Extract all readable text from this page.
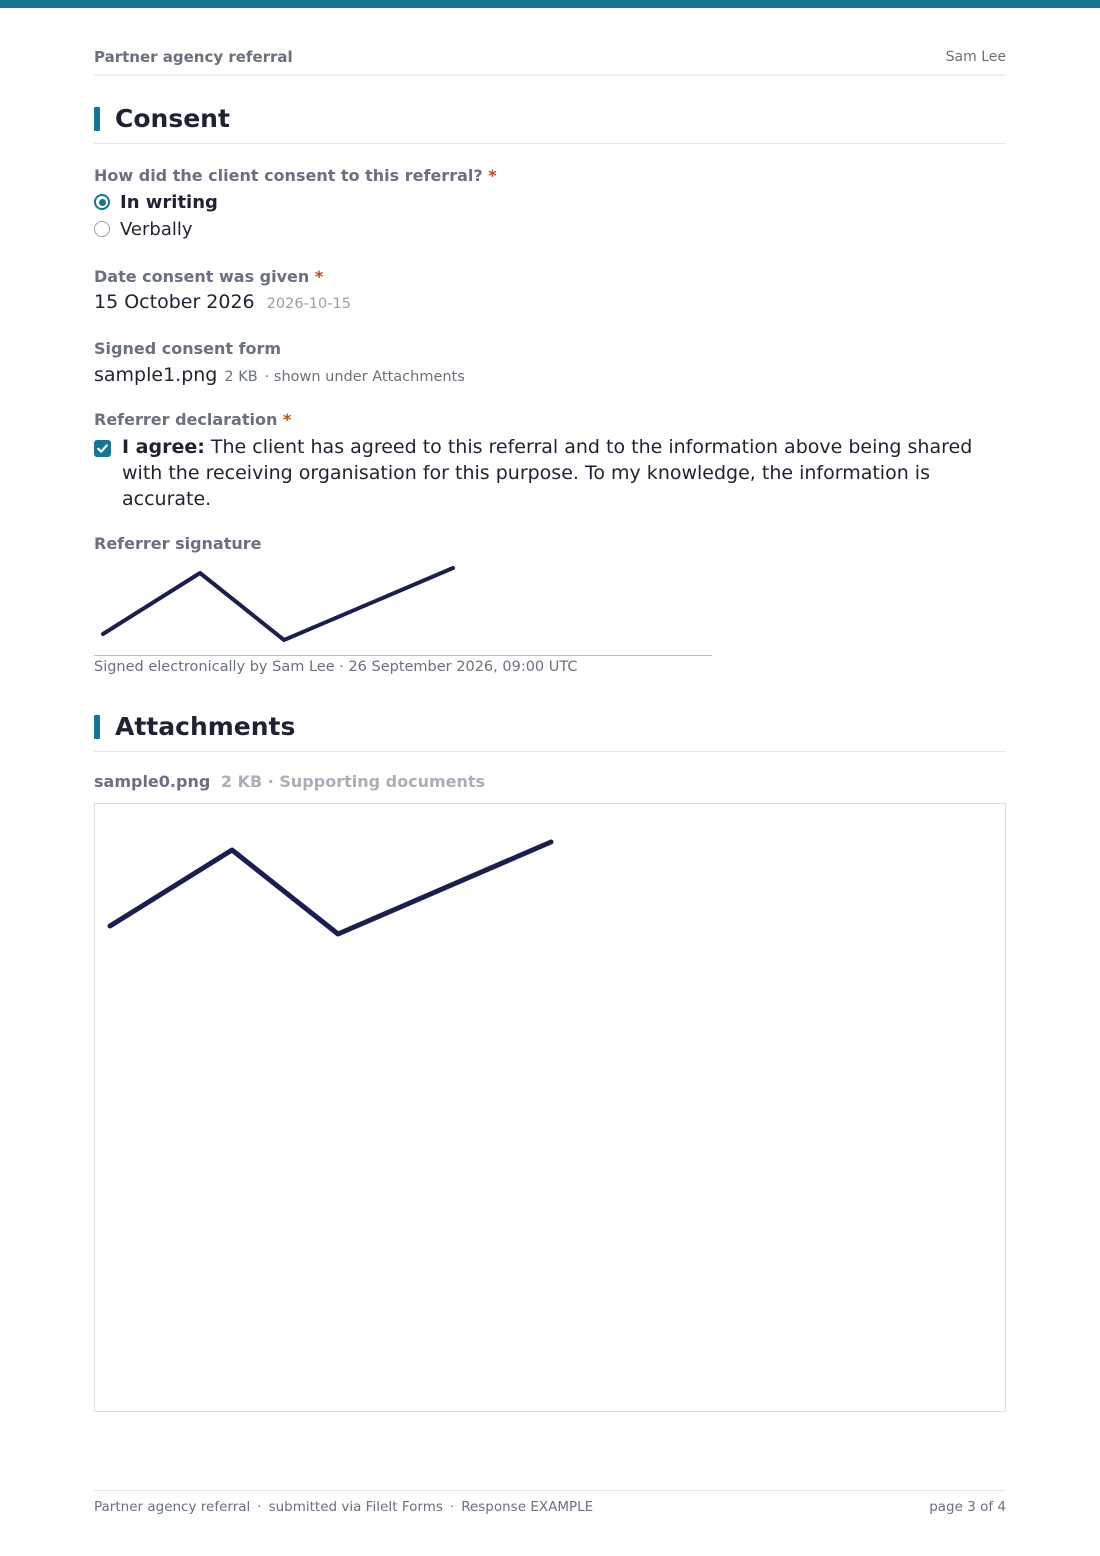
Partner agency referral	Sam Lee
Consent
How did the client consent to this referral? *
In writing
Verbally
Date consent was given *
15 October 2026 2026-10-15
Signed consent form
sample1.png 2 KB · shown under Attachments
Referrer declaration *
I agree: The client has agreed to this referral and to the information above being shared with the receiving organisation for this purpose. To my knowledge, the information is accurate.
Referrer signature
Signed electronically by Sam Lee · 26 September 2026, 09:00 UTC
Attachments
sample0.png 2 KB · Supporting documents
Partner agency referral · submitted via FileIt Forms · Response EXAMPLE	page 3 of 4
